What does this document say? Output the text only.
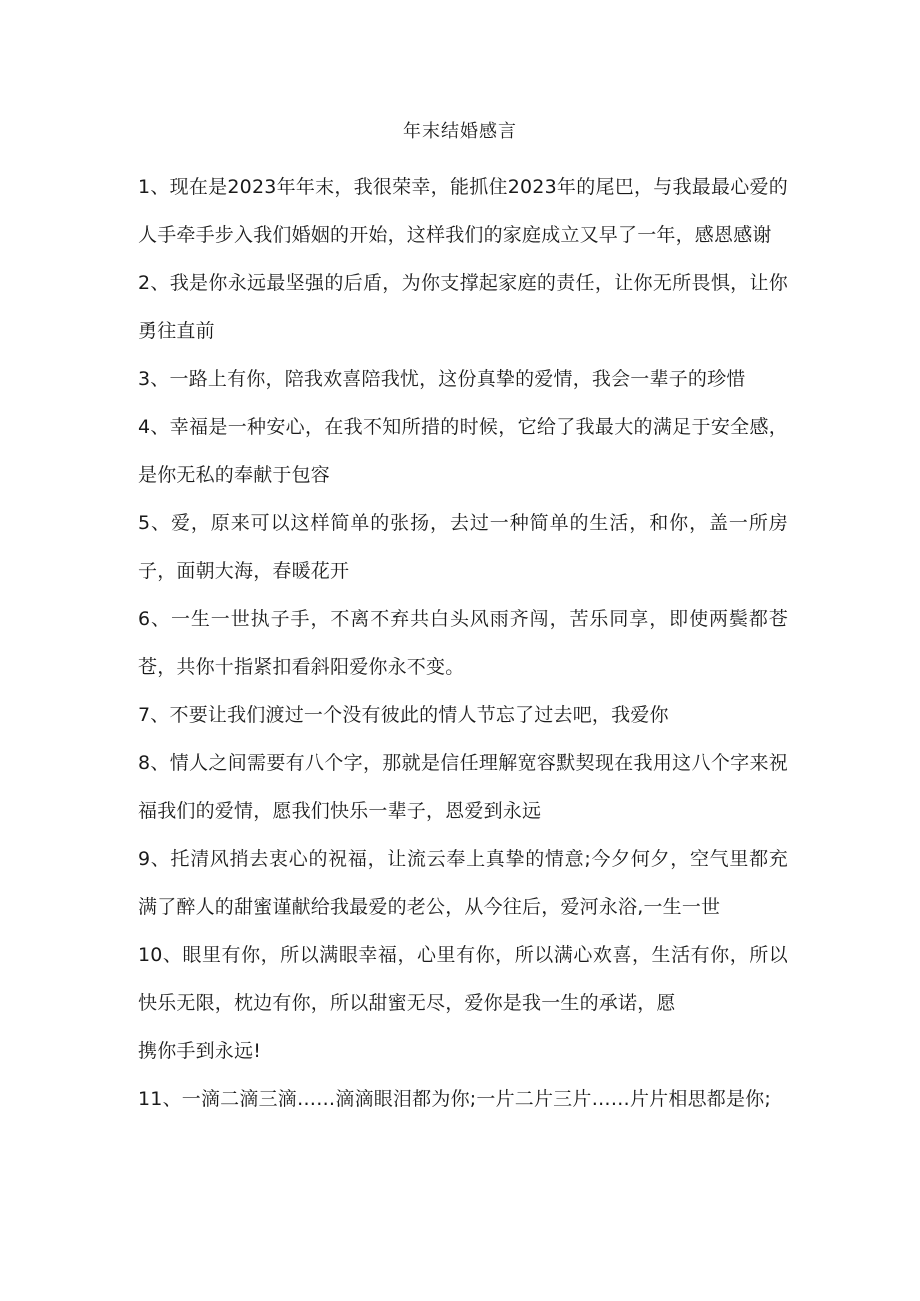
年末结婚感言

1、现在是2023年年末，我很荣幸，能抓住2023年的尾巴，与我最最心爱的人手牵手步入我们婚姻的开始，这样我们的家庭成立又早了一年，感恩感谢

2、我是你永远最坚强的后盾，为你支撑起家庭的责任，让你无所畏惧，让你勇往直前

3、一路上有你，陪我欢喜陪我忧，这份真挚的爱情，我会一辈子的珍惜

4、幸福是一种安心，在我不知所措的时候，它给了我最大的满足于安全感，是你无私的奉献于包容

5、爱，原来可以这样简单的张扬，去过一种简单的生活，和你，盖一所房子，面朝大海，春暖花开

6、一生一世执子手，不离不弃共白头风雨齐闯，苦乐同享，即使两鬓都苍苍，共你十指紧扣看斜阳爱你永不变。

7、不要让我们渡过一个没有彼此的情人节忘了过去吧，我爱你

8、情人之间需要有八个字，那就是信任理解宽容默契现在我用这八个字来祝福我们的爱情，愿我们快乐一辈子，恩爱到永远

9、托清风捎去衷心的祝福，让流云奉上真挚的情意;今夕何夕，空气里都充满了醉人的甜蜜谨献给我最爱的老公，从今往后，爱河永浴,一生一世

10、眼里有你，所以满眼幸福，心里有你，所以满心欢喜，生活有你，所以快乐无限，枕边有你，所以甜蜜无尽，爱你是我一生的承诺，愿

携你手到永远!

11、一滴二滴三滴……滴滴眼泪都为你;一片二片三片……片片相思都是你;
